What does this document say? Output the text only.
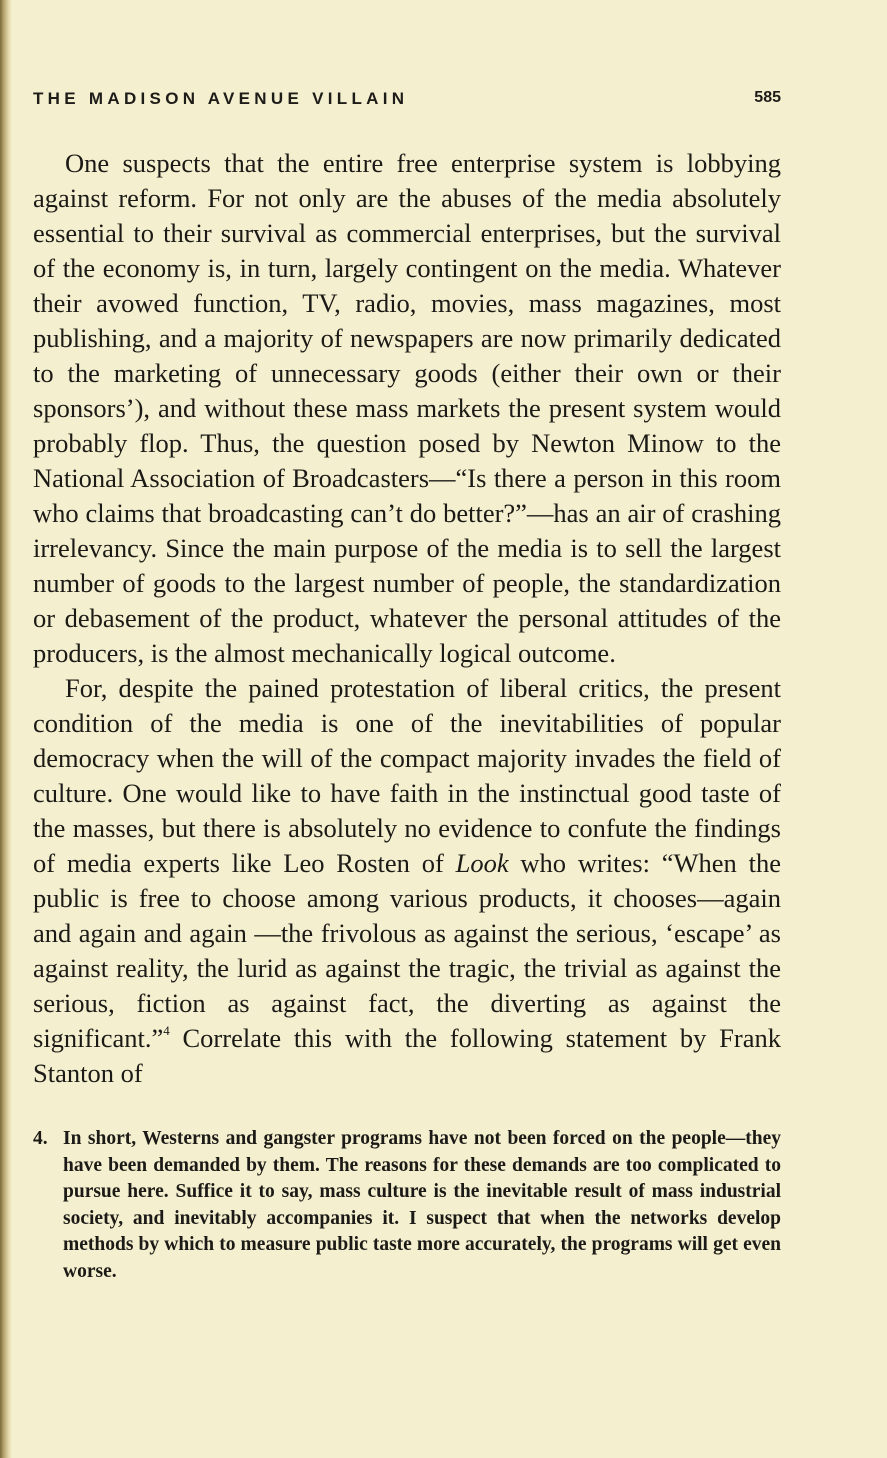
THE MADISON AVENUE VILLAIN	585

One suspects that the entire free enterprise system is lobbying against reform. For not only are the abuses of the media absolutely essential to their survival as commercial enterprises, but the survival of the economy is, in turn, largely contingent on the media. Whatever their avowed function, TV, radio, movies, mass magazines, most publishing, and a majority of newspapers are now primarily dedicated to the marketing of unnecessary goods (either their own or their sponsors’), and without these mass markets the present system would probably flop. Thus, the question posed by Newton Minow to the National Association of Broadcasters—“Is there a person in this room who claims that broadcasting can’t do better?”—has an air of crashing irrelevancy. Since the main purpose of the media is to sell the largest number of goods to the largest number of people, the standardization or debasement of the product, whatever the personal attitudes of the producers, is the almost mechanically logical outcome.

For, despite the pained protestation of liberal critics, the present condition of the media is one of the inevitabilities of popular democracy when the will of the compact majority invades the field of culture. One would like to have faith in the instinctual good taste of the masses, but there is absolutely no evidence to confute the findings of media experts like Leo Rosten of Look who writes: “When the public is free to choose among various products, it chooses—again and again and again —the frivolous as against the serious, ‘escape’ as against reality, the lurid as against the tragic, the trivial as against the serious, fiction as against fact, the diverting as against the significant.”$^4$ Correlate this with the following statement by Frank Stanton of

4. In short, Westerns and gangster programs have not been forced on the people—they have been demanded by them. The reasons for these demands are too complicated to pursue here. Suffice it to say, mass culture is the inevitable result of mass industrial society, and inevitably accompanies it. I suspect that when the networks develop methods by which to measure public taste more accurately, the programs will get even worse.
